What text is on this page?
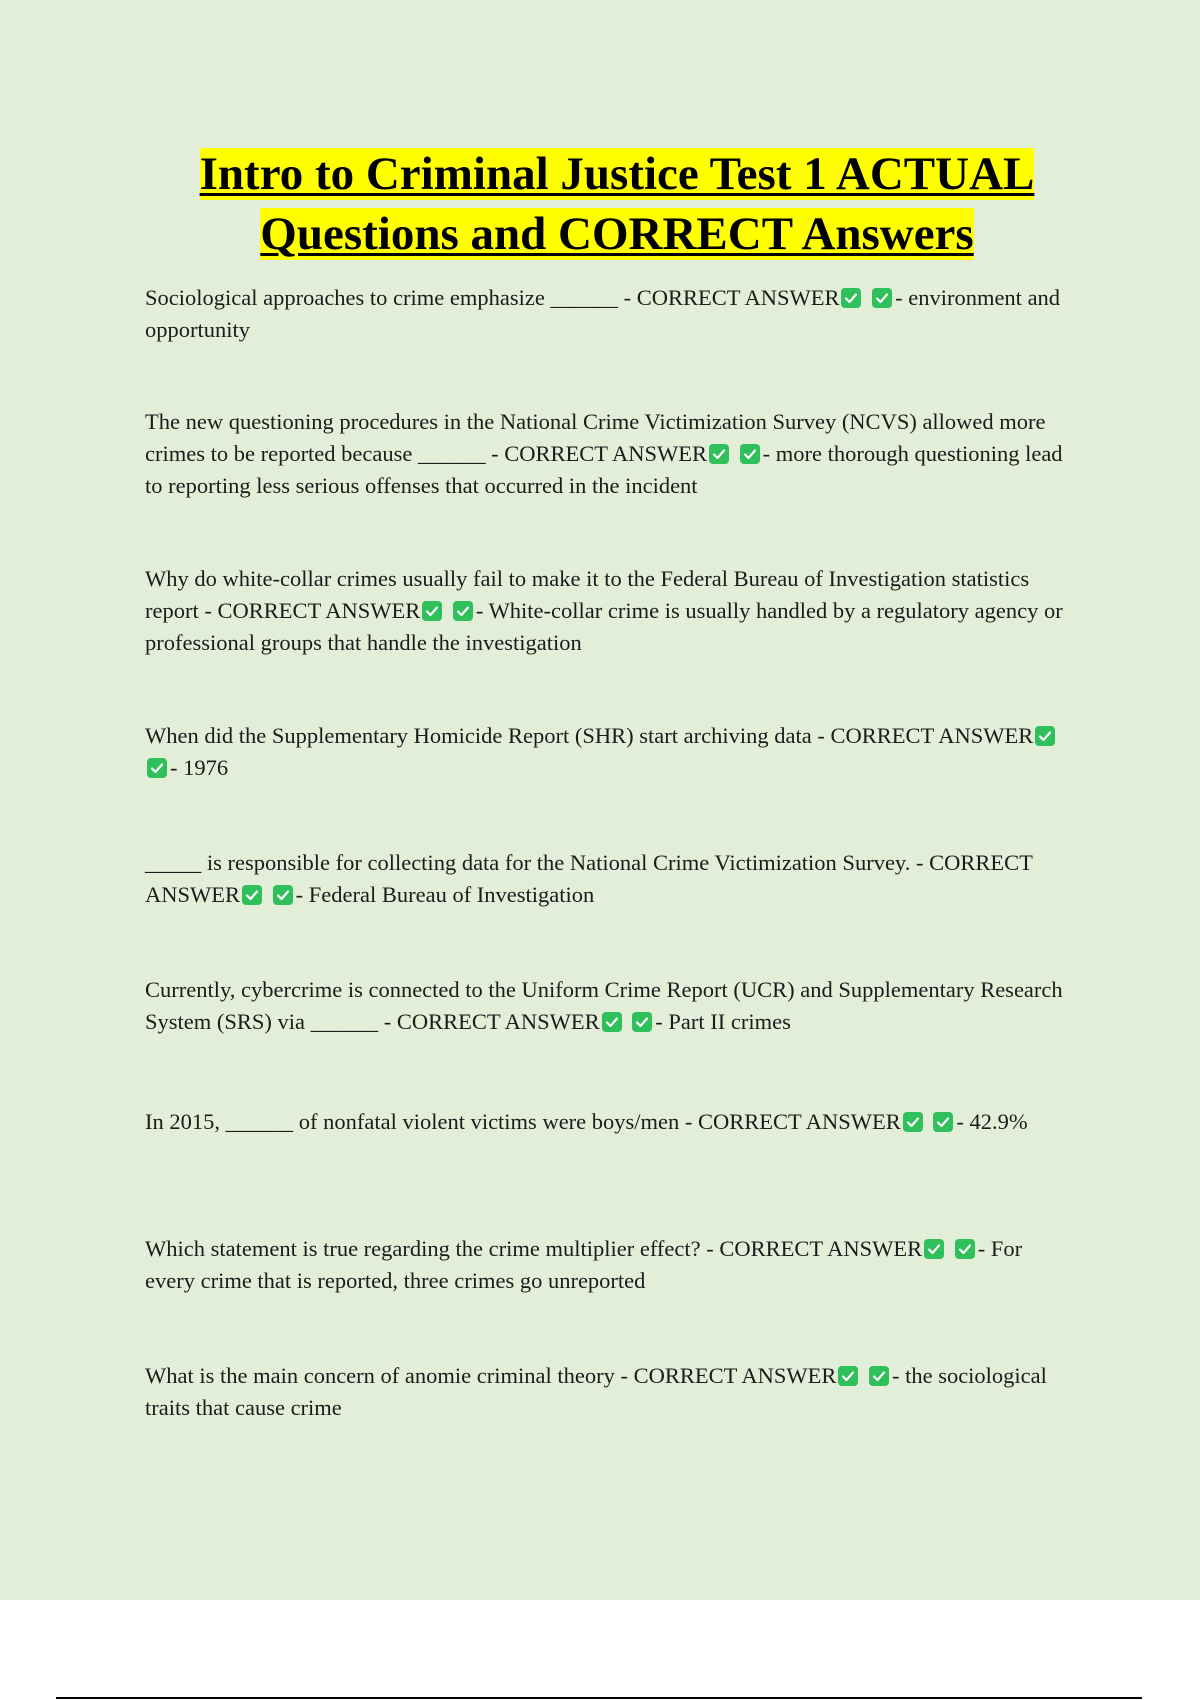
Intro to Criminal Justice Test 1 ACTUAL
Questions and CORRECT Answers
Sociological approaches to crime emphasize ______ - CORRECT ANSWER
- environment and opportunity
The new questioning procedures in the National Crime Victimization Survey (NCVS) allowed more crimes to be reported because ______ - CORRECT ANSWER
- more thorough questioning lead to reporting less serious offenses that occurred in the incident
Why do white-collar crimes usually fail to make it to the Federal Bureau of Investigation statistics report - CORRECT ANSWER
- White-collar crime is usually handled by a regulatory agency or professional groups that handle the investigation
When did the Supplementary Homicide Report (SHR) start archiving data - CORRECT ANSWER

- 1976
_____ is responsible for collecting data for the National Crime Victimization Survey. - CORRECT ANSWER
- Federal Bureau of Investigation
Currently, cybercrime is connected to the Uniform Crime Report (UCR) and Supplementary Research System (SRS) via ______ - CORRECT ANSWER
- Part II crimes
In 2015, ______ of nonfatal violent victims were boys/men - CORRECT ANSWER
- 42.9%
Which statement is true regarding the crime multiplier effect? - CORRECT ANSWER
- For every crime that is reported, three crimes go unreported
What is the main concern of anomie criminal theory - CORRECT ANSWER
- the sociological traits that cause crime
